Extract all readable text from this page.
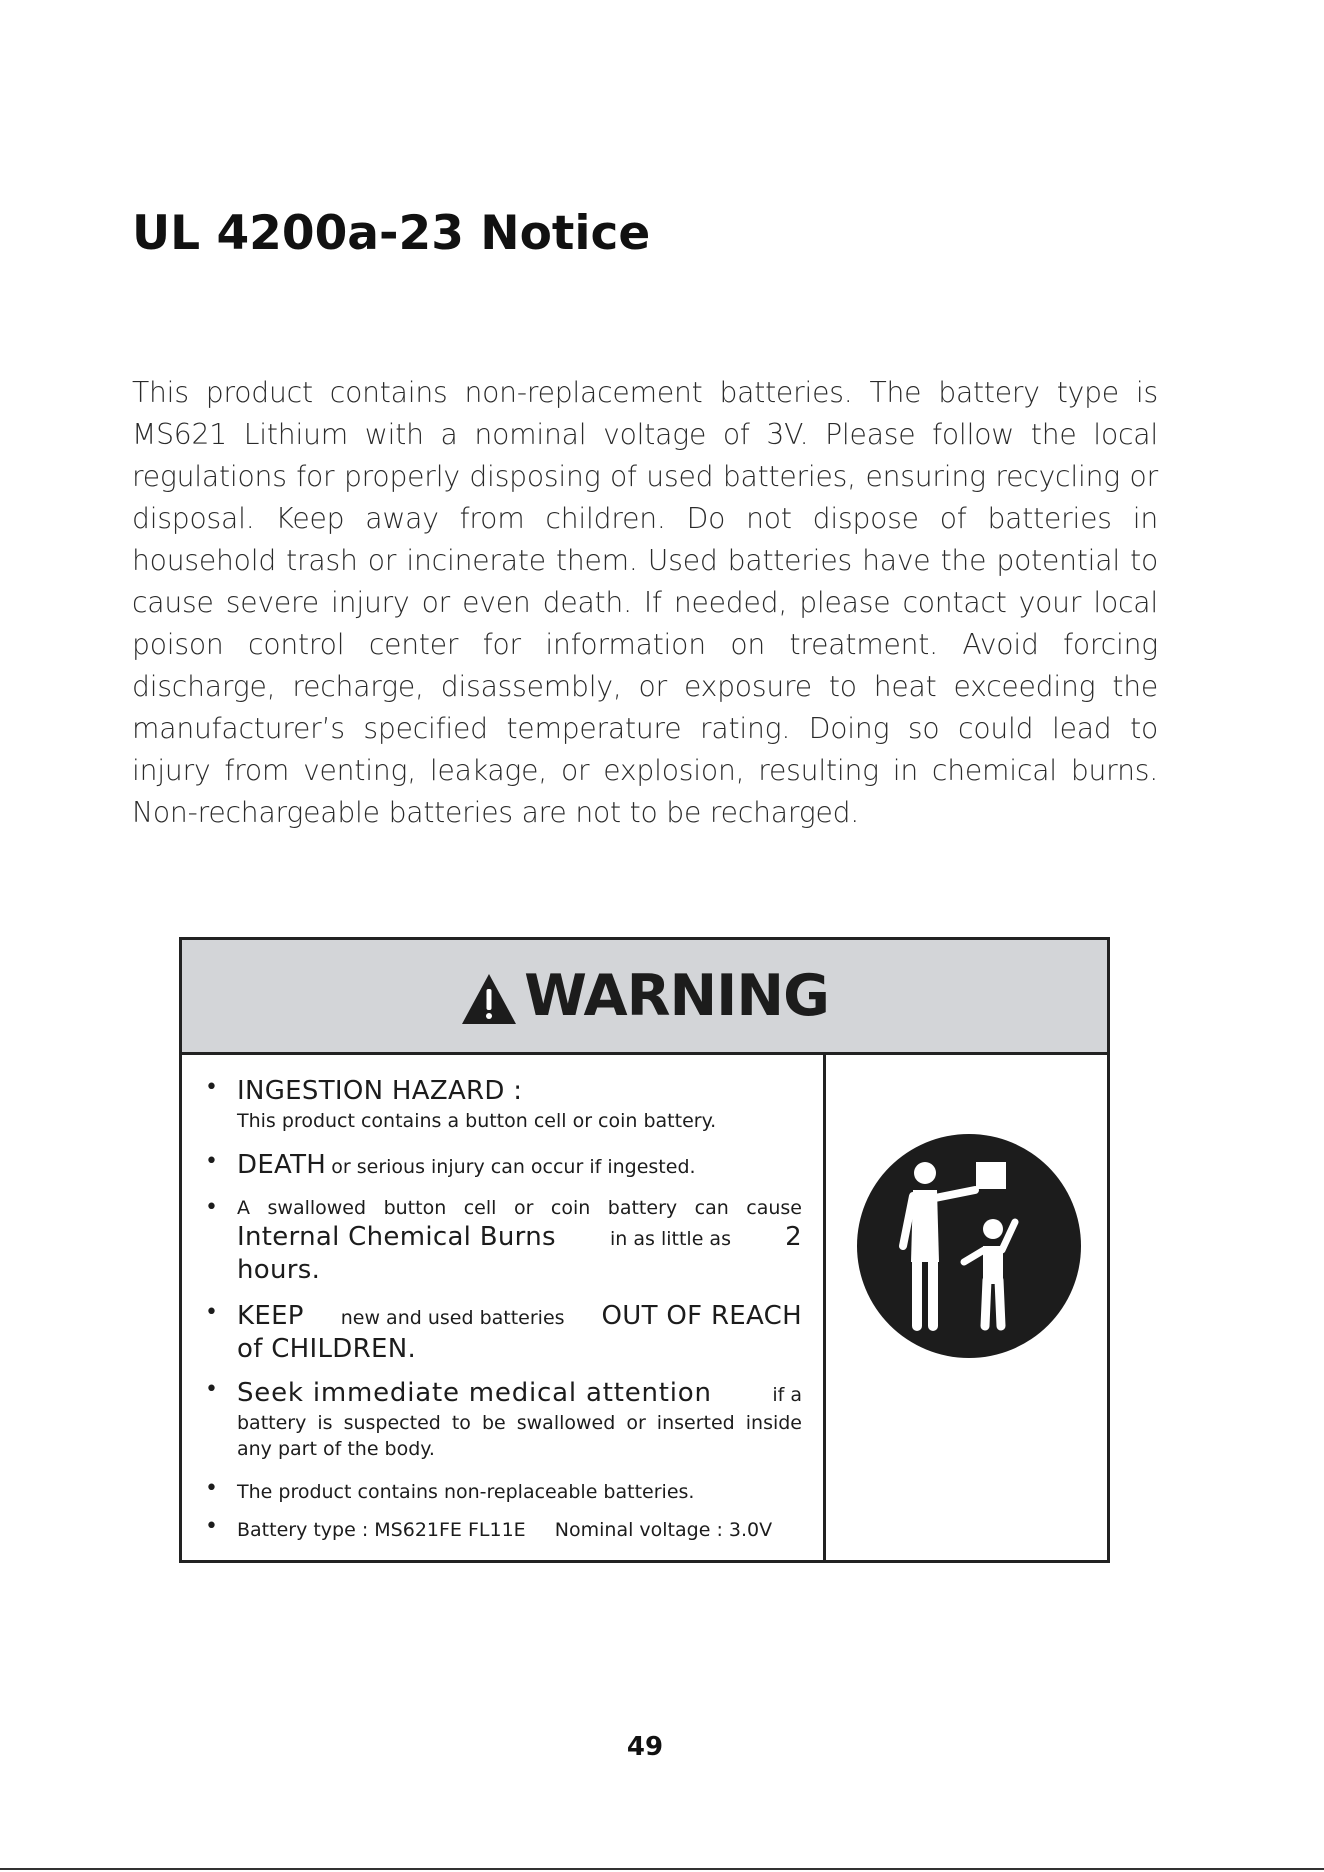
UL 4200a-23 Notice

This product contains non-replacement batteries. The battery type is MS621 Lithium with a nominal voltage of 3V. Please follow the local regulations for properly disposing of used batteries, ensuring recycling or disposal. Keep away from children. Do not dispose of batteries in household trash or incinerate them. Used batteries have the potential to cause severe injury or even death. If needed, please contact your local poison control center for information on treatment. Avoid forcing discharge, recharge, disassembly, or exposure to heat exceeding the manufacturer’s specified temperature rating. Doing so could lead to injury from venting, leakage, or explosion, resulting in chemical burns. Non-rechargeable batteries are not to be recharged.

WARNING
• INGESTION HAZARD :
This product contains a button cell or coin battery.
• DEATH or serious injury can occur if ingested.
• A swallowed button cell or coin battery can cause
Internal Chemical Burns	in as little as 2
hours.
• KEEP new and used batteries OUT OF REACH
of CHILDREN.
• Seek immediate medical attention	if a
battery is suspected to be swallowed or inserted inside any part of the body.
• The product contains non-replaceable batteries.
• Battery type : MS621FE FL11E Nominal voltage : 3.0V
49
